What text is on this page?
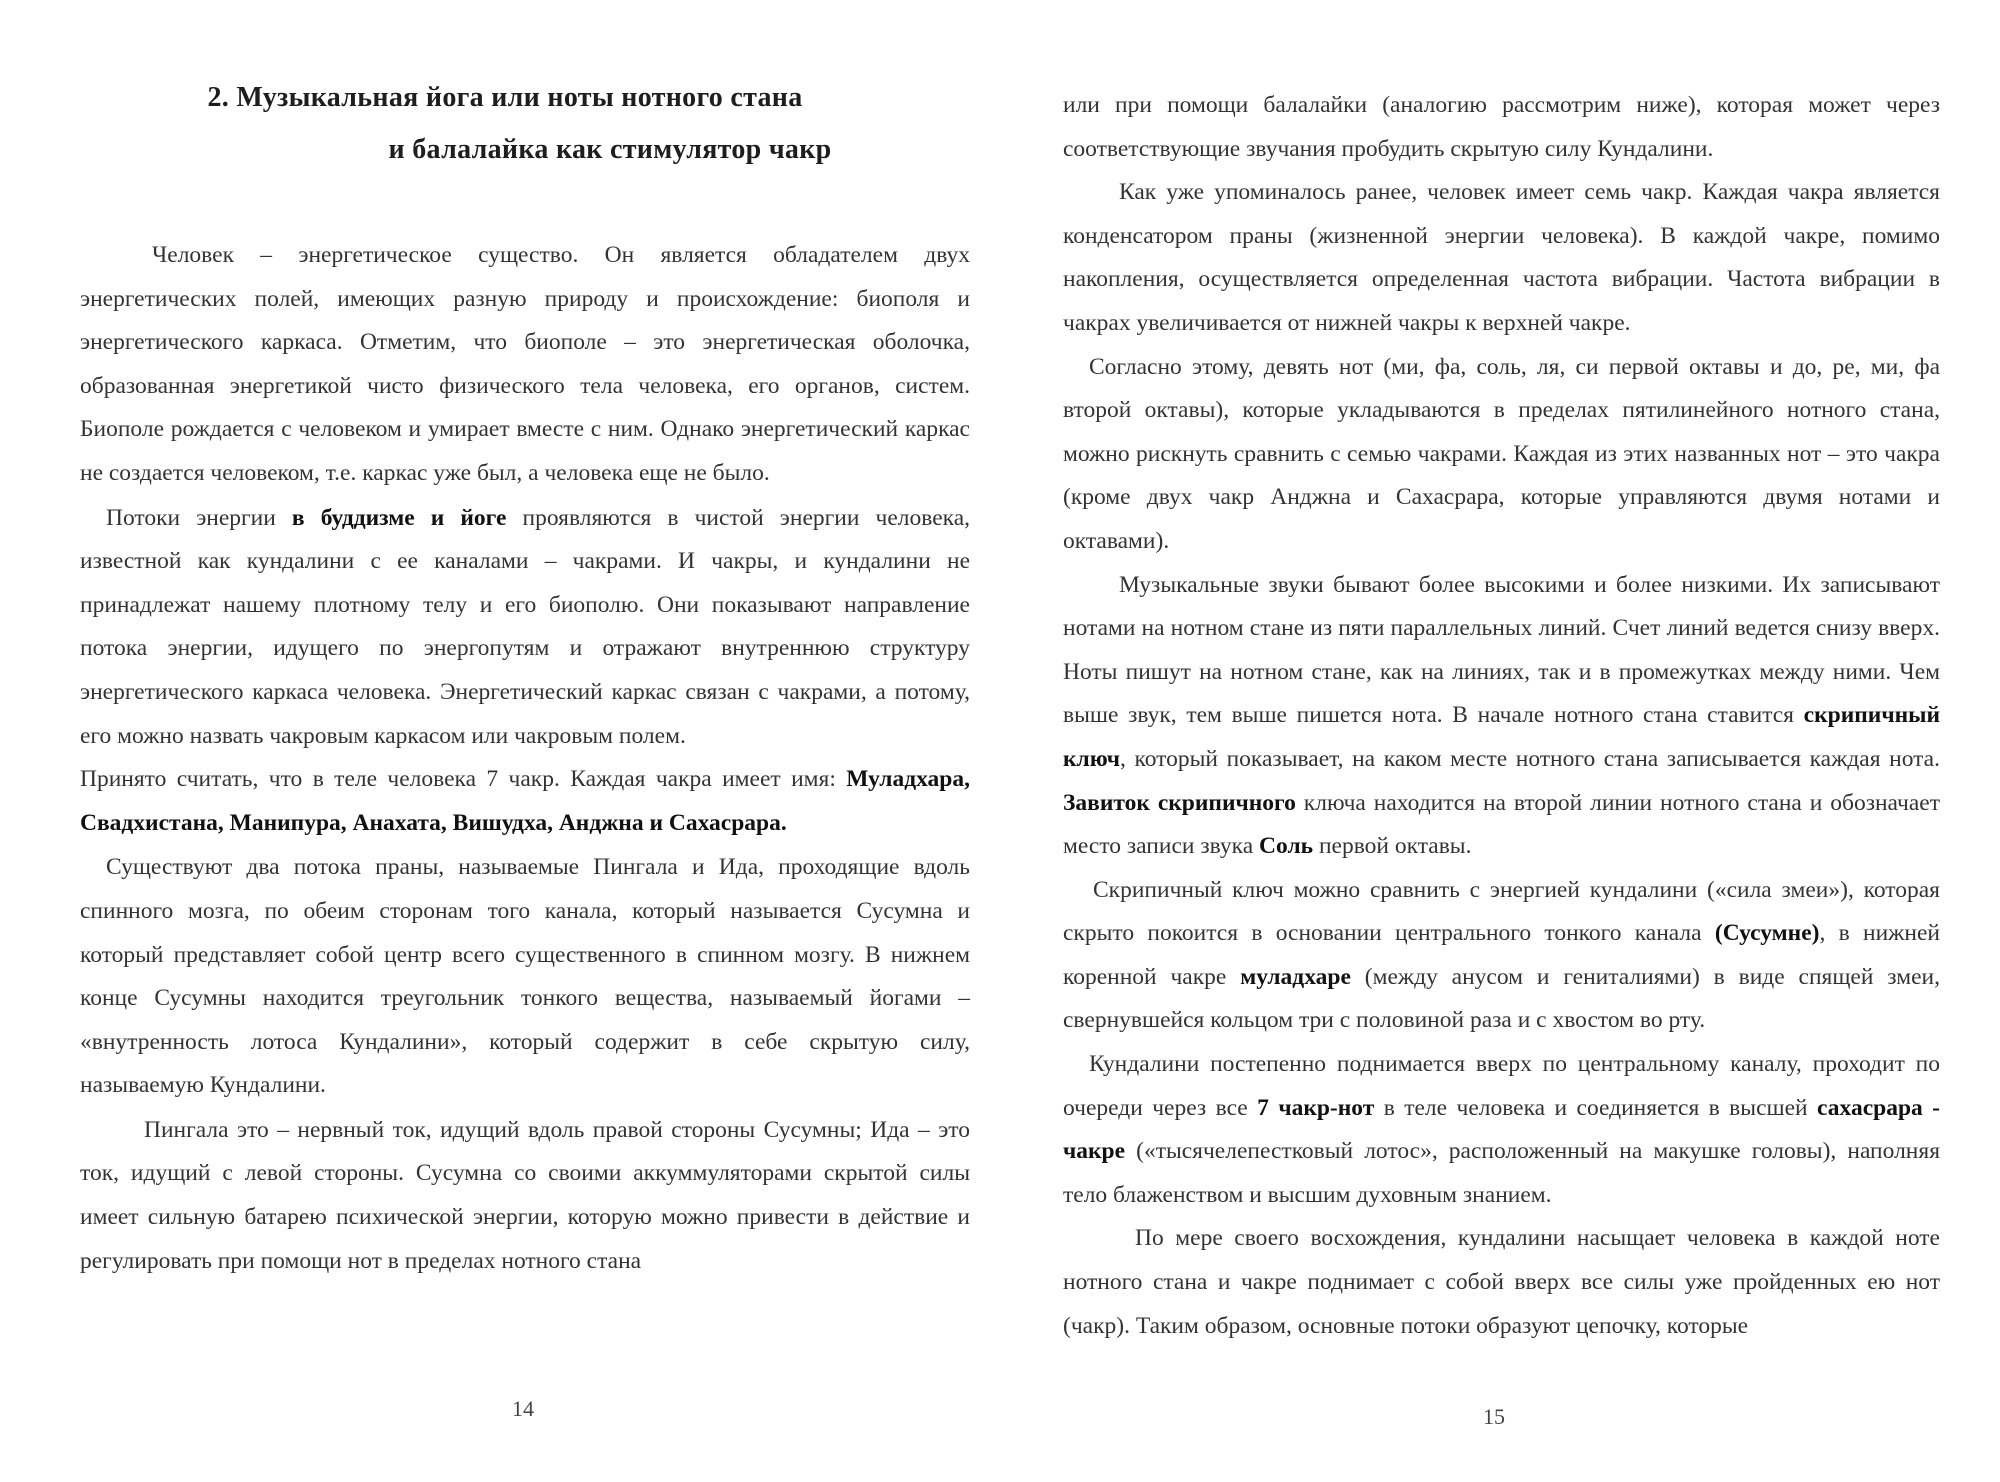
2. Музыкальная йога или ноты нотного стана
и балалайка как стимулятор чакр

Человек – энергетическое существо. Он является обладателем двух энергетических полей, имеющих разную природу и происхождение: биополя и энергетического каркаса. Отметим, что биополе – это энергетическая оболочка, образованная энергетикой чисто физического тела человека, его органов, систем. Биополе рождается с человеком и умирает вместе с ним. Однако энергетический каркас не создается человеком, т.е. каркас уже был, а человека еще не было.

Потоки энергии в буддизме и йоге проявляются в чистой энергии человека, известной как кундалини с ее каналами – чакрами. И чакры, и кундалини не принадлежат нашему плотному телу и его биополю. Они показывают направление потока энергии, идущего по энергопутям и отражают внутреннюю структуру энергетического каркаса человека. Энергетический каркас связан с чакрами, а потому, его можно назвать чакровым каркасом или чакровым полем.

Принято считать, что в теле человека 7 чакр. Каждая чакра имеет имя: Муладхара, Свадхистана, Манипура, Анахата, Вишудха, Анджна и Сахасрара.

Существуют два потока праны, называемые Пингала и Ида, проходящие вдоль спинного мозга, по обеим сторонам того канала, который называется Сусумна и который представляет собой центр всего существенного в спинном мозгу. В нижнем конце Сусумны находится треугольник тонкого вещества, называемый йогами – «внутренность лотоса Кундалини», который содержит в себе скрытую силу, называемую Кундалини.

Пингала это – нервный ток, идущий вдоль правой стороны Сусумны; Ида – это ток, идущий с левой стороны. Сусумна со своими аккуммуляторами скрытой силы имеет сильную батарею психической энергии, которую можно привести в действие и регулировать при помощи нот в пределах нотного стана

14

или при помощи балалайки (аналогию рассмотрим ниже), которая может через соответствующие звучания пробудить скрытую силу Кундалини.

Как уже упоминалось ранее, человек имеет семь чакр. Каждая чакра является конденсатором праны (жизненной энергии человека). В каждой чакре, помимо накопления, осуществляется определенная частота вибрации. Частота вибрации в чакрах увеличивается от нижней чакры к верхней чакре.

Согласно этому, девять нот (ми, фа, соль, ля, си первой октавы и до, ре, ми, фа второй октавы), которые укладываются в пределах пятилинейного нотного стана, можно рискнуть сравнить с семью чакрами. Каждая из этих названных нот – это чакра (кроме двух чакр Анджна и Сахасрара, которые управляются двумя нотами и октавами).

Музыкальные звуки бывают более высокими и более низкими. Их записывают нотами на нотном стане из пяти параллельных линий. Счет линий ведется снизу вверх. Ноты пишут на нотном стане, как на линиях, так и в промежутках между ними. Чем выше звук, тем выше пишется нота. В начале нотного стана ставится скрипичный ключ, который показывает, на каком месте нотного стана записывается каждая нота. Завиток скрипичного ключа находится на второй линии нотного стана и обозначает место записи звука Соль первой октавы.

Скрипичный ключ можно сравнить с энергией кундалини («сила змеи»), которая скрыто покоится в основании центрального тонкого канала (Сусумне), в нижней коренной чакре муладхаре (между анусом и гениталиями) в виде спящей змеи, свернувшейся кольцом три с половиной раза и с хвостом во рту.

Кундалини постепенно поднимается вверх по центральному каналу, проходит по очереди через все 7 чакр-нот в теле человека и соединяется в высшей сахасрара - чакре («тысячелепестковый лотос», расположенный на макушке головы), наполняя тело блаженством и высшим духовным знанием.

По мере своего восхождения, кундалини насыщает человека в каждой ноте нотного стана и чакре поднимает с собой вверх все силы уже пройденных ею нот (чакр). Таким образом, основные потоки образуют цепочку, которые

15
